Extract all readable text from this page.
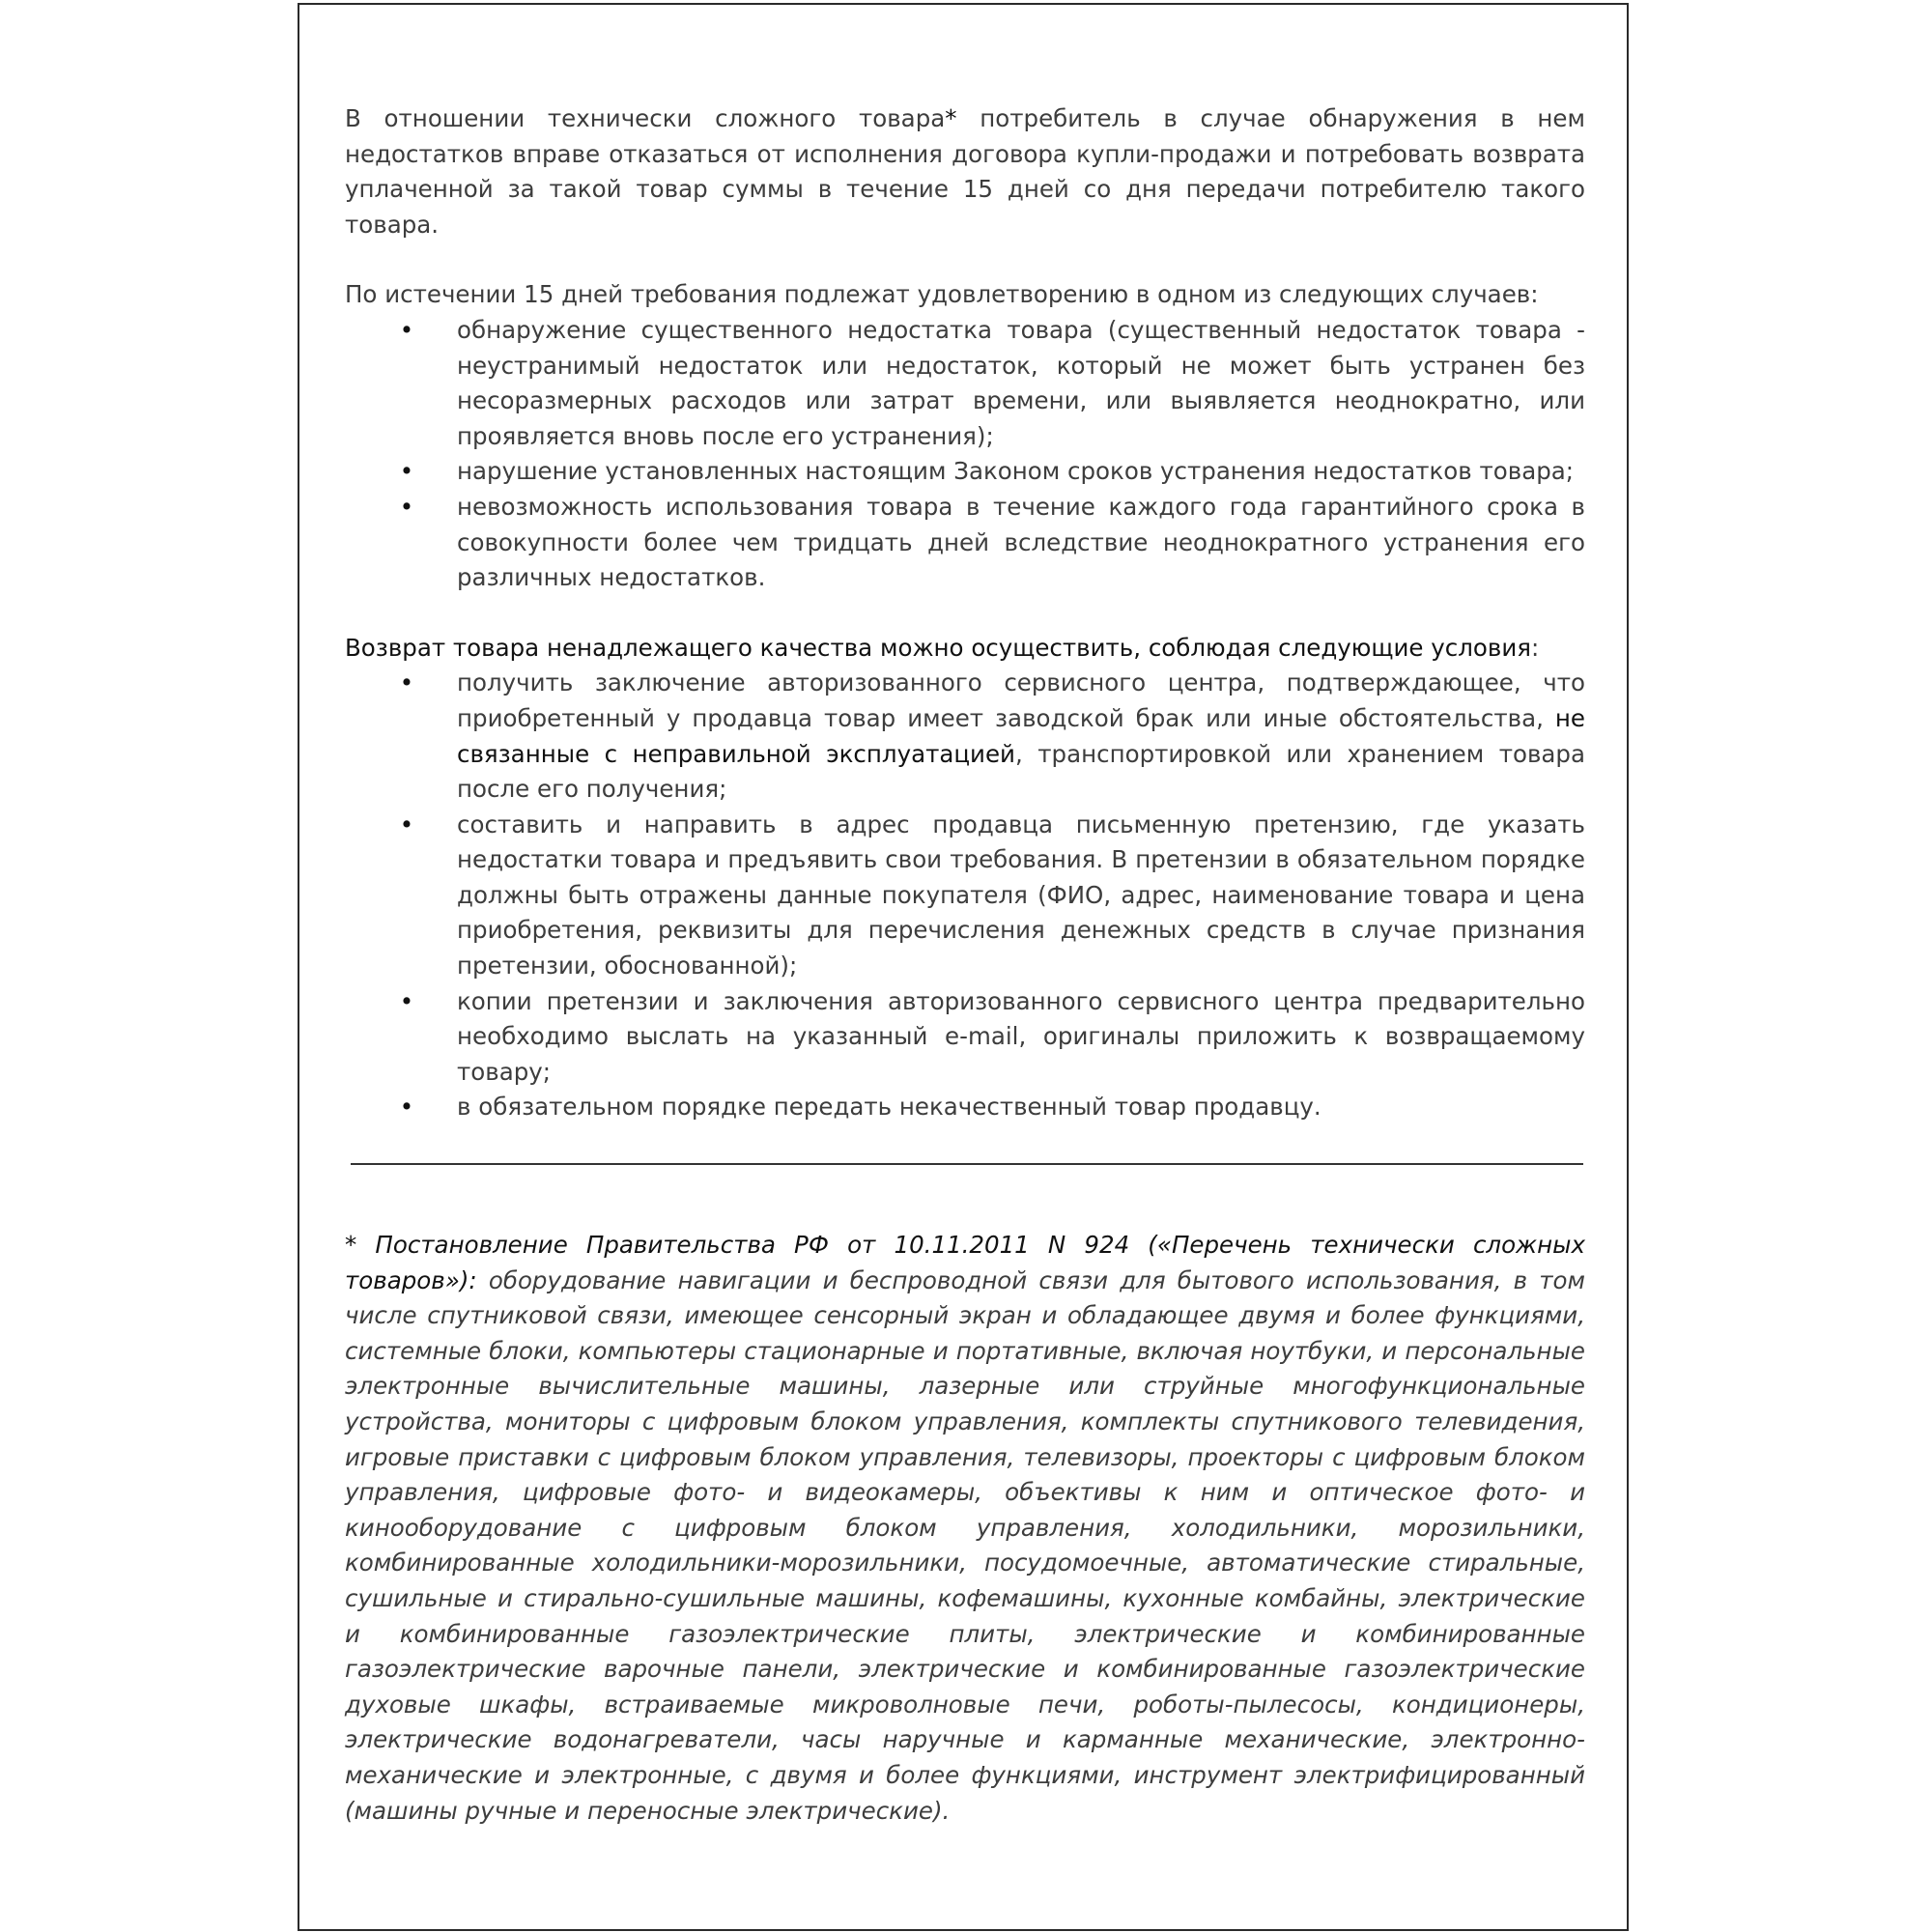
В отношении технически сложного товара* потребитель в случае обнаружения в нем недостатков вправе отказаться от исполнения договора купли-продажи и потребовать возврата уплаченной за такой товар суммы в течение 15 дней со дня передачи потребителю такого товара.

По истечении 15 дней требования подлежат удовлетворению в одном из следующих случаев:

• обнаружение существенного недостатка товара (существенный недостаток товара - неустранимый недостаток или недостаток, который не может быть устранен без несоразмерных расходов или затрат времени, или выявляется неоднократно, или проявляется вновь после его устранения);
• нарушение установленных настоящим Законом сроков устранения недостатков товара;
• невозможность использования товара в течение каждого года гарантийного срока в совокупности более чем тридцать дней вследствие неоднократного устранения его различных недостатков.

Возврат товара ненадлежащего качества можно осуществить, соблюдая следующие условия:

• получить заключение авторизованного сервисного центра, подтверждающее, что приобретенный у продавца товар имеет заводской брак или иные обстоятельства, не связанные с неправильной эксплуатацией, транспортировкой или хранением товара после его получения;
• составить и направить в адрес продавца письменную претензию, где указать недостатки товара и предъявить свои требования. В претензии в обязательном порядке должны быть отражены данные покупателя (ФИО, адрес, наименование товара и цена приобретения, реквизиты для перечисления денежных средств в случае признания претензии, обоснованной);
• копии претензии и заключения авторизованного сервисного центра предварительно необходимо выслать на указанный e-mail, оригиналы приложить к возвращаемому товару;
• в обязательном порядке передать некачественный товар продавцу.

* Постановление Правительства РФ от 10.11.2011 N 924 («Перечень технически сложных товаров»): оборудование навигации и беспроводной связи для бытового использования, в том числе спутниковой связи, имеющее сенсорный экран и обладающее двумя и более функциями, системные блоки, компьютеры стационарные и портативные, включая ноутбуки, и персональные электронные вычислительные машины, лазерные или струйные многофункциональные устройства, мониторы с цифровым блоком управления, комплекты спутникового телевидения, игровые приставки с цифровым блоком управления, телевизоры, проекторы с цифровым блоком управления, цифровые фото- и видеокамеры, объективы к ним и оптическое фото- и кинооборудование с цифровым блоком управления, холодильники, морозильники, комбинированные холодильники-морозильники, посудомоечные, автоматические стиральные, сушильные и стирально-сушильные машины, кофемашины, кухонные комбайны, электрические и комбинированные газоэлектрические плиты, электрические и комбинированные газоэлектрические варочные панели, электрические и комбинированные газоэлектрические духовые шкафы, встраиваемые микроволновые печи, роботы-пылесосы, кондиционеры, электрические водонагреватели, часы наручные и карманные механические, электронно-механические и электронные, с двумя и более функциями, инструмент электрифицированный (машины ручные и переносные электрические).
